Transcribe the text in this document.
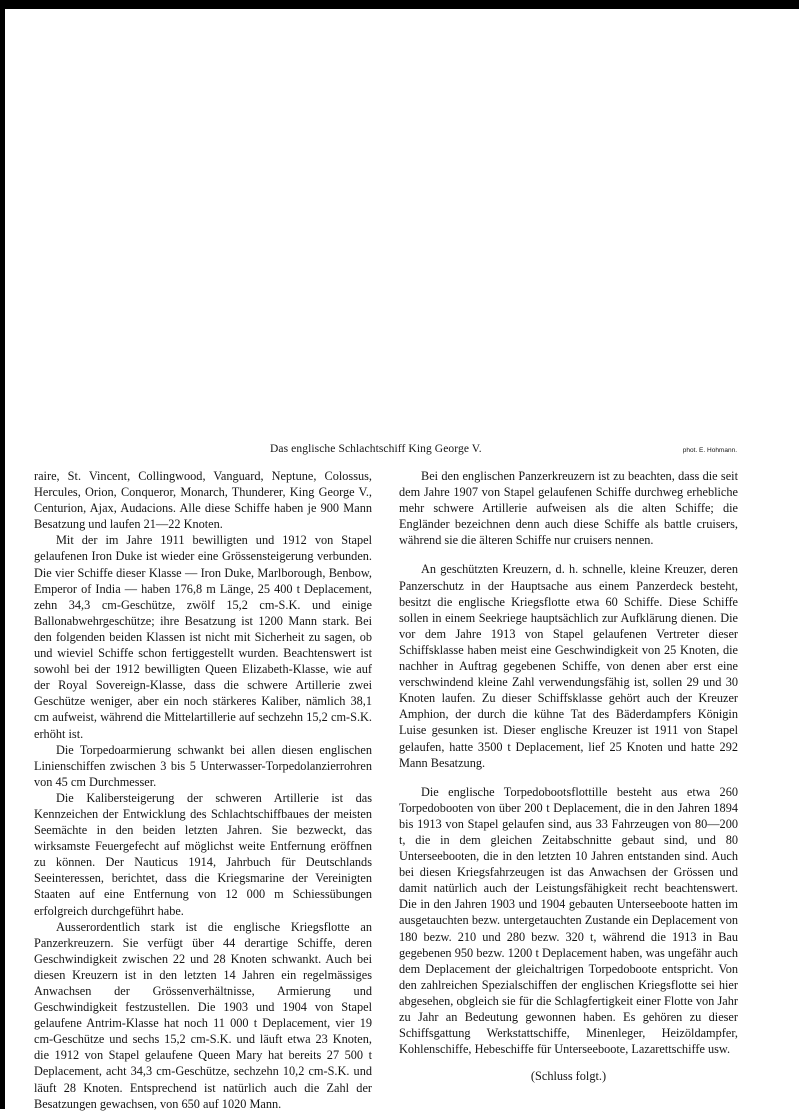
Das englische Schlachtschiff King George V.	phot. E. Hohmann.

raire, St. Vincent, Collingwood, Vanguard, Neptune, Colossus, Hercules, Orion, Conqueror, Monarch, Thunderer, King George V., Centurion, Ajax, Audacions. Alle diese Schiffe haben je 900 Mann Besatzung und laufen 21—22 Knoten.

Mit der im Jahre 1911 bewilligten und 1912 von Stapel gelaufenen Iron Duke ist wieder eine Grössensteigerung verbunden. Die vier Schiffe dieser Klasse — Iron Duke, Marlborough, Benbow, Emperor of India — haben 176,8 m Länge, 25 400 t Deplacement, zehn 34,3 cm-Geschütze, zwölf 15,2 cm-S.K. und einige Ballonabwehrgeschütze; ihre Besatzung ist 1200 Mann stark. Bei den folgenden beiden Klassen ist nicht mit Sicherheit zu sagen, ob und wieviel Schiffe schon fertiggestellt wurden. Beachtenswert ist sowohl bei der 1912 bewilligten Queen Elizabeth-Klasse, wie auf der Royal Sovereign-Klasse, dass die schwere Artillerie zwei Geschütze weniger, aber ein noch stärkeres Kaliber, nämlich 38,1 cm aufweist, während die Mittelartillerie auf sechzehn 15,2 cm-S.K. erhöht ist.

Die Torpedoarmierung schwankt bei allen diesen englischen Linienschiffen zwischen 3 bis 5 Unterwasser-Torpedolanzierrohren von 45 cm Durchmesser.

Die Kalibersteigerung der schweren Artillerie ist das Kennzeichen der Entwicklung des Schlachtschiffbaues der meisten Seemächte in den beiden letzten Jahren. Sie bezweckt, das wirksamste Feuergefecht auf möglichst weite Entfernung eröffnen zu können. Der Nauticus 1914, Jahrbuch für Deutschlands Seeinteressen, berichtet, dass die Kriegsmarine der Vereinigten Staaten auf eine Entfernung von 12 000 m Schiessübungen erfolgreich durchgeführt habe.

Ausserordentlich stark ist die englische Kriegsflotte an Panzerkreuzern. Sie verfügt über 44 derartige Schiffe, deren Geschwindigkeit zwischen 22 und 28 Knoten schwankt. Auch bei diesen Kreuzern ist in den letzten 14 Jahren ein regelmässiges Anwachsen der Grössenverhältnisse, Armierung und Geschwindigkeit festzustellen. Die 1903 und 1904 von Stapel gelaufene Antrim-Klasse hat noch 11 000 t Deplacement, vier 19 cm-Geschütze und sechs 15,2 cm-S.K. und läuft etwa 23 Knoten, die 1912 von Stapel gelaufene Queen Mary hat bereits 27 500 t Deplacement, acht 34,3 cm-Geschütze, sechzehn 10,2 cm-S.K. und läuft 28 Knoten. Entsprechend ist natürlich auch die Zahl der Besatzungen gewachsen, von 650 auf 1020 Mann.

Bei den englischen Panzerkreuzern ist zu beachten, dass die seit dem Jahre 1907 von Stapel gelaufenen Schiffe durchweg erhebliche mehr schwere Artillerie aufweisen als die alten Schiffe; die Engländer bezeichnen denn auch diese Schiffe als battle cruisers, während sie die älteren Schiffe nur cruisers nennen.

An geschützten Kreuzern, d. h. schnelle, kleine Kreuzer, deren Panzerschutz in der Hauptsache aus einem Panzerdeck besteht, besitzt die englische Kriegsflotte etwa 60 Schiffe. Diese Schiffe sollen in einem Seekriege hauptsächlich zur Aufklärung dienen. Die vor dem Jahre 1913 von Stapel gelaufenen Vertreter dieser Schiffsklasse haben meist eine Geschwindigkeit von 25 Knoten, die nachher in Auftrag gegebenen Schiffe, von denen aber erst eine verschwindend kleine Zahl verwendungsfähig ist, sollen 29 und 30 Knoten laufen. Zu dieser Schiffsklasse gehört auch der Kreuzer Amphion, der durch die kühne Tat des Bäderdampfers Königin Luise gesunken ist. Dieser englische Kreuzer ist 1911 von Stapel gelaufen, hatte 3500 t Deplacement, lief 25 Knoten und hatte 292 Mann Besatzung.

Die englische Torpedobootsflottille besteht aus etwa 260 Torpedobooten von über 200 t Deplacement, die in den Jahren 1894 bis 1913 von Stapel gelaufen sind, aus 33 Fahrzeugen von 80—200 t, die in dem gleichen Zeitabschnitte gebaut sind, und 80 Unterseebooten, die in den letzten 10 Jahren entstanden sind. Auch bei diesen Kriegsfahrzeugen ist das Anwachsen der Grössen und damit natürlich auch der Leistungsfähigkeit recht beachtenswert. Die in den Jahren 1903 und 1904 gebauten Unterseeboote hatten im ausgetauchten bezw. untergetauchten Zustande ein Deplacement von 180 bezw. 210 und 280 bezw. 320 t, während die 1913 in Bau gegebenen 950 bezw. 1200 t Deplacement haben, was ungefähr auch dem Deplacement der gleichaltrigen Torpedoboote entspricht. Von den zahlreichen Spezialschiffen der englischen Kriegsflotte sei hier abgesehen, obgleich sie für die Schlagfertigkeit einer Flotte von Jahr zu Jahr an Bedeutung gewonnen haben. Es gehören zu dieser Schiffsgattung Werkstattschiffe, Minenleger, Heizöldampfer, Kohlenschiffe, Hebeschiffe für Unterseeboote, Lazarettschiffe usw.

(Schluss folgt.)
